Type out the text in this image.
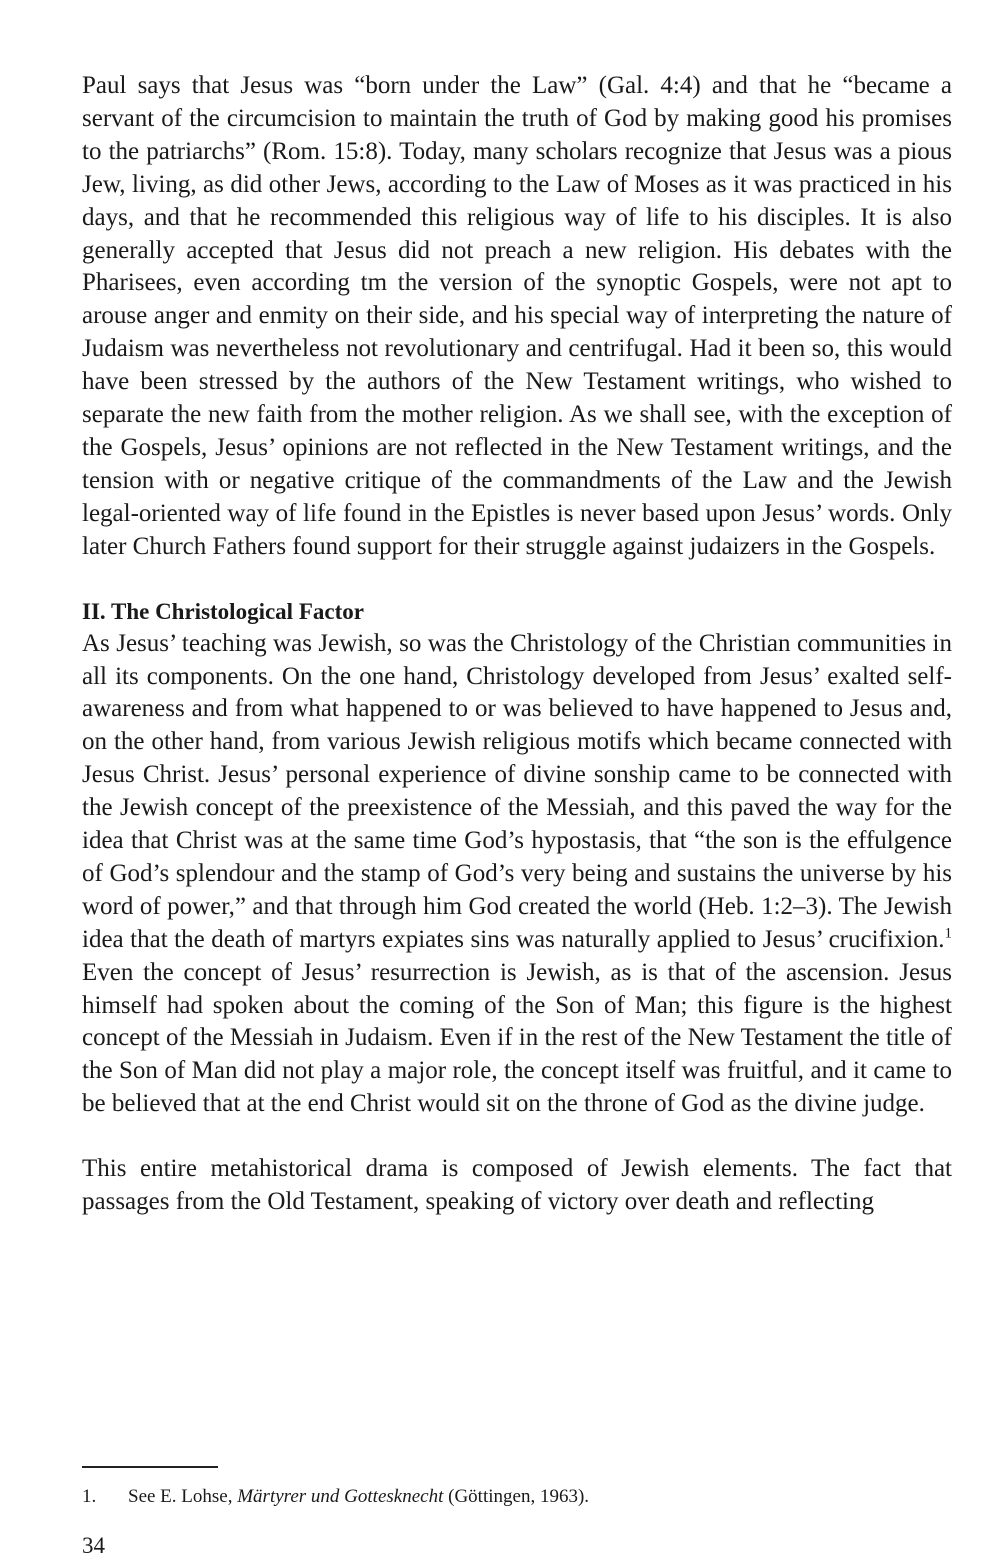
Paul says that Jesus was “born under the Law” (Gal. 4:4) and that he “became a servant of the circumcision to maintain the truth of God by making good his promises to the patriarchs” (Rom. 15:8). Today, many scholars recognize that Jesus was a pious Jew, living, as did other Jews, according to the Law of Moses as it was practiced in his days, and that he recommended this religious way of life to his disciples. It is also generally accepted that Jesus did not preach a new religion. His debates with the Pharisees, even according tm the version of the synoptic Gospels, were not apt to arouse anger and enmity on their side, and his special way of interpreting the nature of Judaism was nevertheless not revolutionary and centrifugal. Had it been so, this would have been stressed by the authors of the New Testament writings, who wished to separate the new faith from the mother religion. As we shall see, with the exception of the Gospels, Jesus’ opinions are not reflected in the New Testament writings, and the tension with or negative critique of the commandments of the Law and the Jewish legal-oriented way of life found in the Epistles is never based upon Jesus’ words. Only later Church Fathers found support for their struggle against judaizers in the Gospels.

II. The Christological Factor

As Jesus’ teaching was Jewish, so was the Christology of the Christian communities in all its components. On the one hand, Christology developed from Jesus’ exalted self-awareness and from what happened to or was believed to have happened to Jesus and, on the other hand, from various Jewish religious motifs which became connected with Jesus Christ. Jesus’ personal experience of divine sonship came to be connected with the Jewish concept of the preexistence of the Messiah, and this paved the way for the idea that Christ was at the same time God’s hypostasis, that “the son is the effulgence of God’s splendour and the stamp of God’s very being and sustains the universe by his word of power,” and that through him God created the world (Heb. 1:2–3). The Jewish idea that the death of martyrs expiates sins was naturally applied to Jesus’ crucifixion.$^1$ Even the concept of Jesus’ resurrection is Jewish, as is that of the ascension. Jesus himself had spoken about the coming of the Son of Man; this figure is the highest concept of the Messiah in Judaism. Even if in the rest of the New Testament the title of the Son of Man did not play a major role, the concept itself was fruitful, and it came to be believed that at the end Christ would sit on the throne of God as the divine judge.

This entire metahistorical drama is composed of Jewish elements. The fact that passages from the Old Testament, speaking of victory over death and reflecting

1. See E. Lohse, Märtyrer und Gottesknecht (Göttingen, 1963).
34
